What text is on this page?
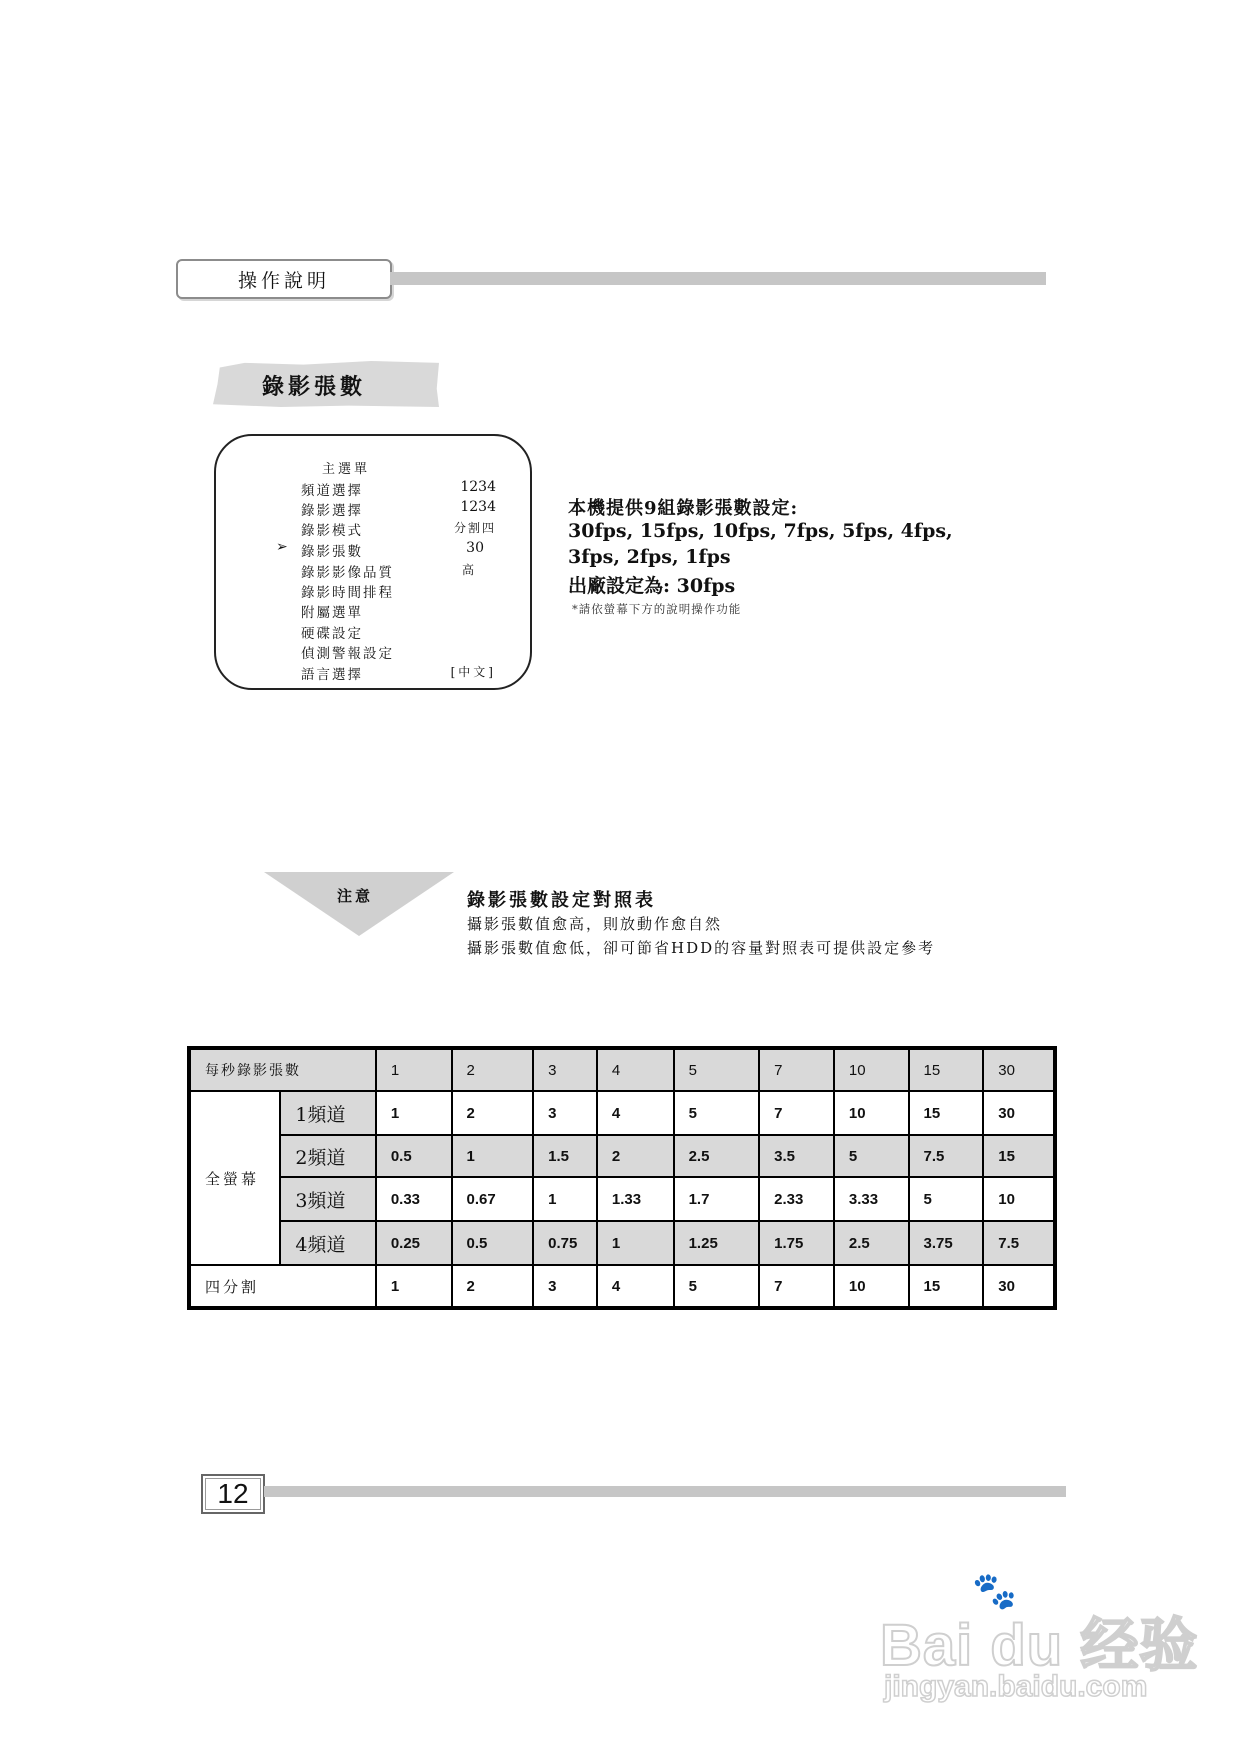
操作說明
錄影張數
主選單
頻道選擇	1234
錄影選擇	1234
錄影模式	分割四
➢ 錄影張數	30
錄影影像品質	高
錄影時間排程
附屬選單
硬碟設定
偵測警報設定
語言選擇	[中文]
本機提供9組錄影張數設定:
30fps, 15fps, 10fps, 7fps, 5fps, 4fps,
3fps, 2fps, 1fps
出廠設定為: 30fps
*請依螢幕下方的說明操作功能
注意	錄影張數設定對照表
攝影張數值愈高，則放動作愈自然
攝影張數值愈低，卻可節省HDD的容量對照表可提供設定參考
每秒錄影張數		1	2	3	4	5	7	10	15	30
全螢幕	1頻道	1	2	3	4	5	7	10	15	30
	2頻道	0.5	1	1.5	2	2.5	3.5	5	7.5	15
	3頻道	0.33	0.67	1	1.33	1.7	2.33	3.33	5	10
	4頻道	0.25	0.5	0.75	1	1.25	1.75	2.5	3.75	7.5
四分割		1	2	3	4	5	7	10	15	30
12
🐾
Bai du 经验
jingyan.baidu.com
